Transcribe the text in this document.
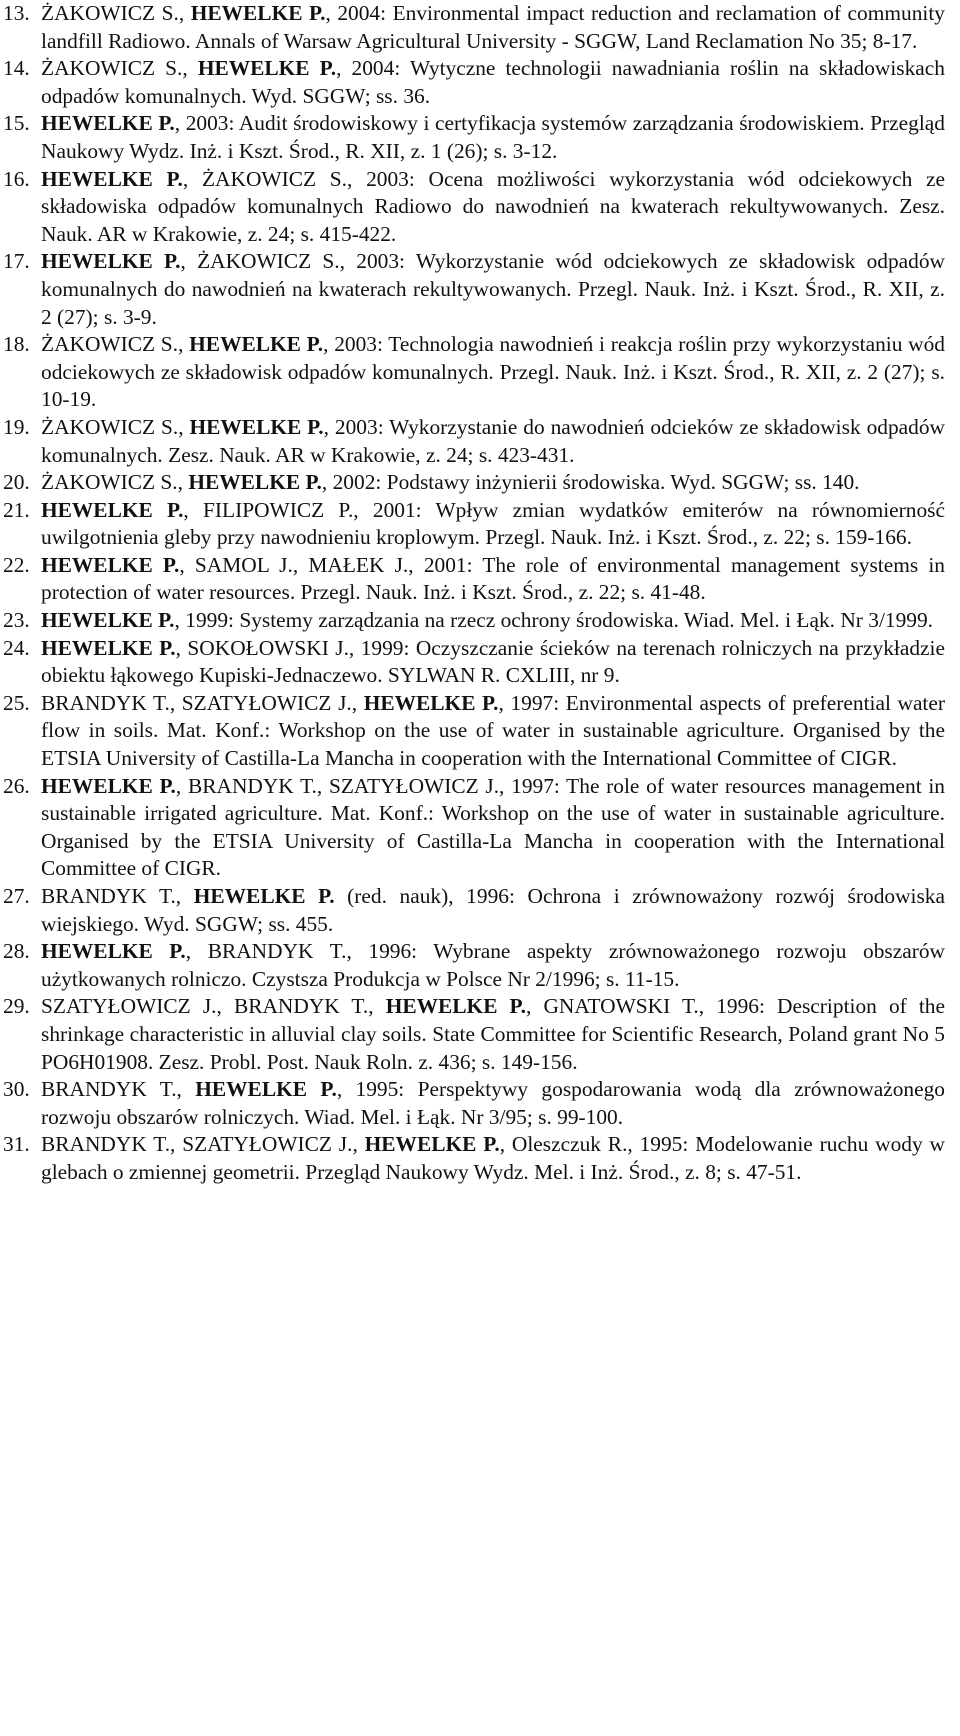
13. ŻAKOWICZ S., HEWELKE P., 2004: Environmental impact reduction and reclamation of community landfill Radiowo. Annals of Warsaw Agricultural University - SGGW, Land Reclamation No 35; 8-17.
14. ŻAKOWICZ S., HEWELKE P., 2004: Wytyczne technologii nawadniania roślin na składowiskach odpadów komunalnych. Wyd. SGGW; ss. 36.
15. HEWELKE P., 2003: Audit środowiskowy i certyfikacja systemów zarządzania środowiskiem. Przegląd Naukowy Wydz. Inż. i Kszt. Środ., R. XII, z. 1 (26); s. 3-12.
16. HEWELKE P., ŻAKOWICZ S., 2003: Ocena możliwości wykorzystania wód odciekowych ze składowiska odpadów komunalnych Radiowo do nawodnień na kwaterach rekultywowanych. Zesz. Nauk. AR w Krakowie, z. 24; s. 415-422.
17. HEWELKE P., ŻAKOWICZ S., 2003: Wykorzystanie wód odciekowych ze składowisk odpadów komunalnych do nawodnień na kwaterach rekultywowanych. Przegl. Nauk. Inż. i Kszt. Środ., R. XII, z. 2 (27); s. 3-9.
18. ŻAKOWICZ S., HEWELKE P., 2003: Technologia nawodnień i reakcja roślin przy wykorzystaniu wód odciekowych ze składowisk odpadów komunalnych. Przegl. Nauk. Inż. i Kszt. Środ., R. XII, z. 2 (27); s. 10-19.
19. ŻAKOWICZ S., HEWELKE P., 2003: Wykorzystanie do nawodnień odcieków ze składowisk odpadów komunalnych. Zesz. Nauk. AR w Krakowie, z. 24; s. 423-431.
20. ŻAKOWICZ S., HEWELKE P., 2002: Podstawy inżynierii środowiska. Wyd. SGGW; ss. 140.
21. HEWELKE P., FILIPOWICZ P., 2001: Wpływ zmian wydatków emiterów na równomierność uwilgotnienia gleby przy nawodnieniu kroplowym. Przegl. Nauk. Inż. i Kszt. Środ., z. 22; s. 159-166.
22. HEWELKE P., SAMOL J., MAŁEK J., 2001: The role of environmental management systems in protection of water resources. Przegl. Nauk. Inż. i Kszt. Środ., z. 22; s. 41-48.
23. HEWELKE P., 1999: Systemy zarządzania na rzecz ochrony środowiska. Wiad. Mel. i Łąk. Nr 3/1999.
24. HEWELKE P., SOKOŁOWSKI J., 1999: Oczyszczanie ścieków na terenach rolniczych na przykładzie obiektu łąkowego Kupiski-Jednaczewo. SYLWAN R. CXLIII, nr 9.
25. BRANDYK T., SZATYŁOWICZ J., HEWELKE P., 1997: Environmental aspects of preferential water flow in soils. Mat. Konf.: Workshop on the use of water in sustainable agriculture. Organised by the ETSIA University of Castilla-La Mancha in cooperation with the International Committee of CIGR.
26. HEWELKE P., BRANDYK T., SZATYŁOWICZ J., 1997: The role of water resources management in sustainable irrigated agriculture. Mat. Konf.: Workshop on the use of water in sustainable agriculture. Organised by the ETSIA University of Castilla-La Mancha in cooperation with the International Committee of CIGR.
27. BRANDYK T., HEWELKE P. (red. nauk), 1996: Ochrona i zrównoważony rozwój środowiska wiejskiego. Wyd. SGGW; ss. 455.
28. HEWELKE P., BRANDYK T., 1996: Wybrane aspekty zrównoważonego rozwoju obszarów użytkowanych rolniczo. Czystsza Produkcja w Polsce Nr 2/1996; s. 11-15.
29. SZATYŁOWICZ J., BRANDYK T., HEWELKE P., GNATOWSKI T., 1996: Description of the shrinkage characteristic in alluvial clay soils. State Committee for Scientific Research, Poland grant No 5 PO6H01908. Zesz. Probl. Post. Nauk Roln. z. 436; s. 149-156.
30. BRANDYK T., HEWELKE P., 1995: Perspektywy gospodarowania wodą dla zrównoważonego rozwoju obszarów rolniczych. Wiad. Mel. i Łąk. Nr 3/95; s. 99-100.
31. BRANDYK T., SZATYŁOWICZ J., HEWELKE P., Oleszczuk R., 1995: Modelowanie ruchu wody w glebach o zmiennej geometrii. Przegląd Naukowy Wydz. Mel. i Inż. Środ., z. 8; s. 47-51.
